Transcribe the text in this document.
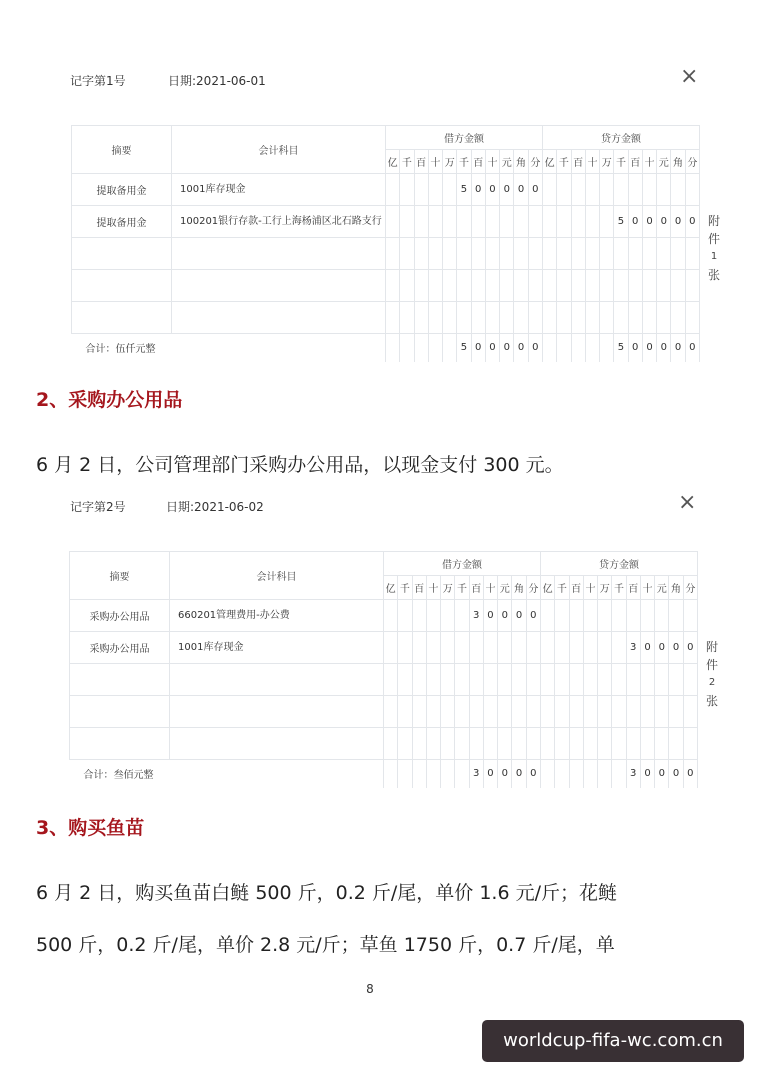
记字第1号	日期:2021-06-01	×
摘要	会计科目	借方金额											贷方金额										
		亿	千	百	十	万	千	百	十	元	角	分	亿	千	百	十	万	千	百	十	元	角	分
提取备用金	1001库存现金						5	0	0	0	0	0											
提取备用金	100201银行存款-工行上海杨浦区北石路支行																	5	0	0	0	0	0

合计：伍仟元整							5	0	0	0	0	0						5	0	0	0	0	0
附
件
1
张
2、采购办公用品
6 月 2 日，公司管理部门采购办公用品，以现金支付 300 元。
记字第2号	日期:2021-06-02	×
摘要	会计科目	借方金额											贷方金额										
		亿	千	百	十	万	千	百	十	元	角	分	亿	千	百	十	万	千	百	十	元	角	分
采购办公用品	660201管理费用-办公费							3	0	0	0	0											
采购办公用品	1001库存现金																		3	0	0	0	0

合计：叁佰元整								3	0	0	0	0							3	0	0	0	0
附
件
2
张
3、购买鱼苗
6 月 2 日，购买鱼苗白鲢 500 斤，0.2 斤/尾，单价 1.6 元/斤；花鲢
500 斤，0.2 斤/尾，单价 2.8 元/斤；草鱼 1750 斤，0.7 斤/尾，单
8
worldcup-fifa-wc.com.cn
